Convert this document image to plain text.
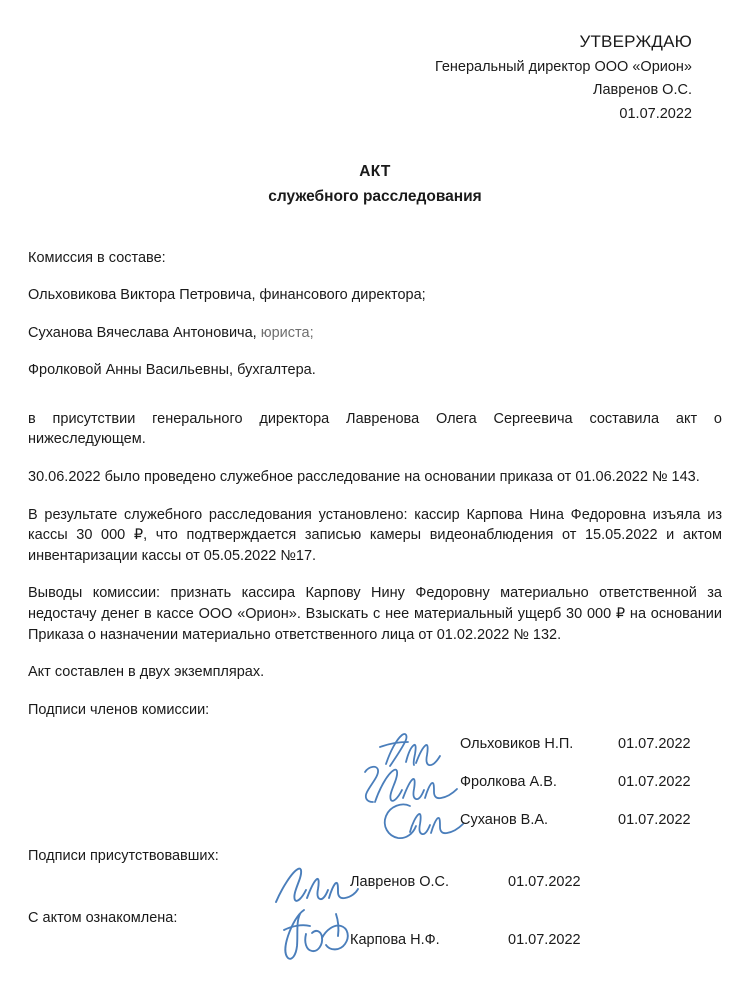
УТВЕРЖДАЮ
Генеральный директор ООО «Орион»
Лавренов О.С.
01.07.2022
АКТ
служебного расследования

Комиссия в составе:

Ольховикова Виктора Петровича, финансового директора;

Суханова Вячеслава Антоновича, юриста;

Фролковой Анны Васильевны, бухгалтера.

в присутствии генерального директора Лавренова Олега Сергеевича составила акт о нижеследующем.

30.06.2022 было проведено служебное расследование на основании приказа от 01.06.2022 № 143.

В результате служебного расследования установлено: кассир Карпова Нина Федоровна изъяла из кассы 30 000 ₽, что подтверждается записью камеры видеонаблюдения от 15.05.2022 и актом инвентаризации кассы от 05.05.2022 №17.

Выводы комиссии: признать кассира Карпову Нину Федоровну материально ответственной за недостачу денег в кассе ООО «Орион». Взыскать с нее материальный ущерб 30 000 ₽ на основании Приказа о назначении материально ответственного лица от 01.02.2022 № 132.

Акт составлен в двух экземплярах.

Подписи членов комиссии:

Ольховиков Н.П.	01.07.2022
Фролкова А.В.	01.07.2022
Суханов В.А.	01.07.2022
Подписи присутствовавших:
Лавренов О.С.	01.07.2022
С актом ознакомлена:
Карпова Н.Ф.	01.07.2022
